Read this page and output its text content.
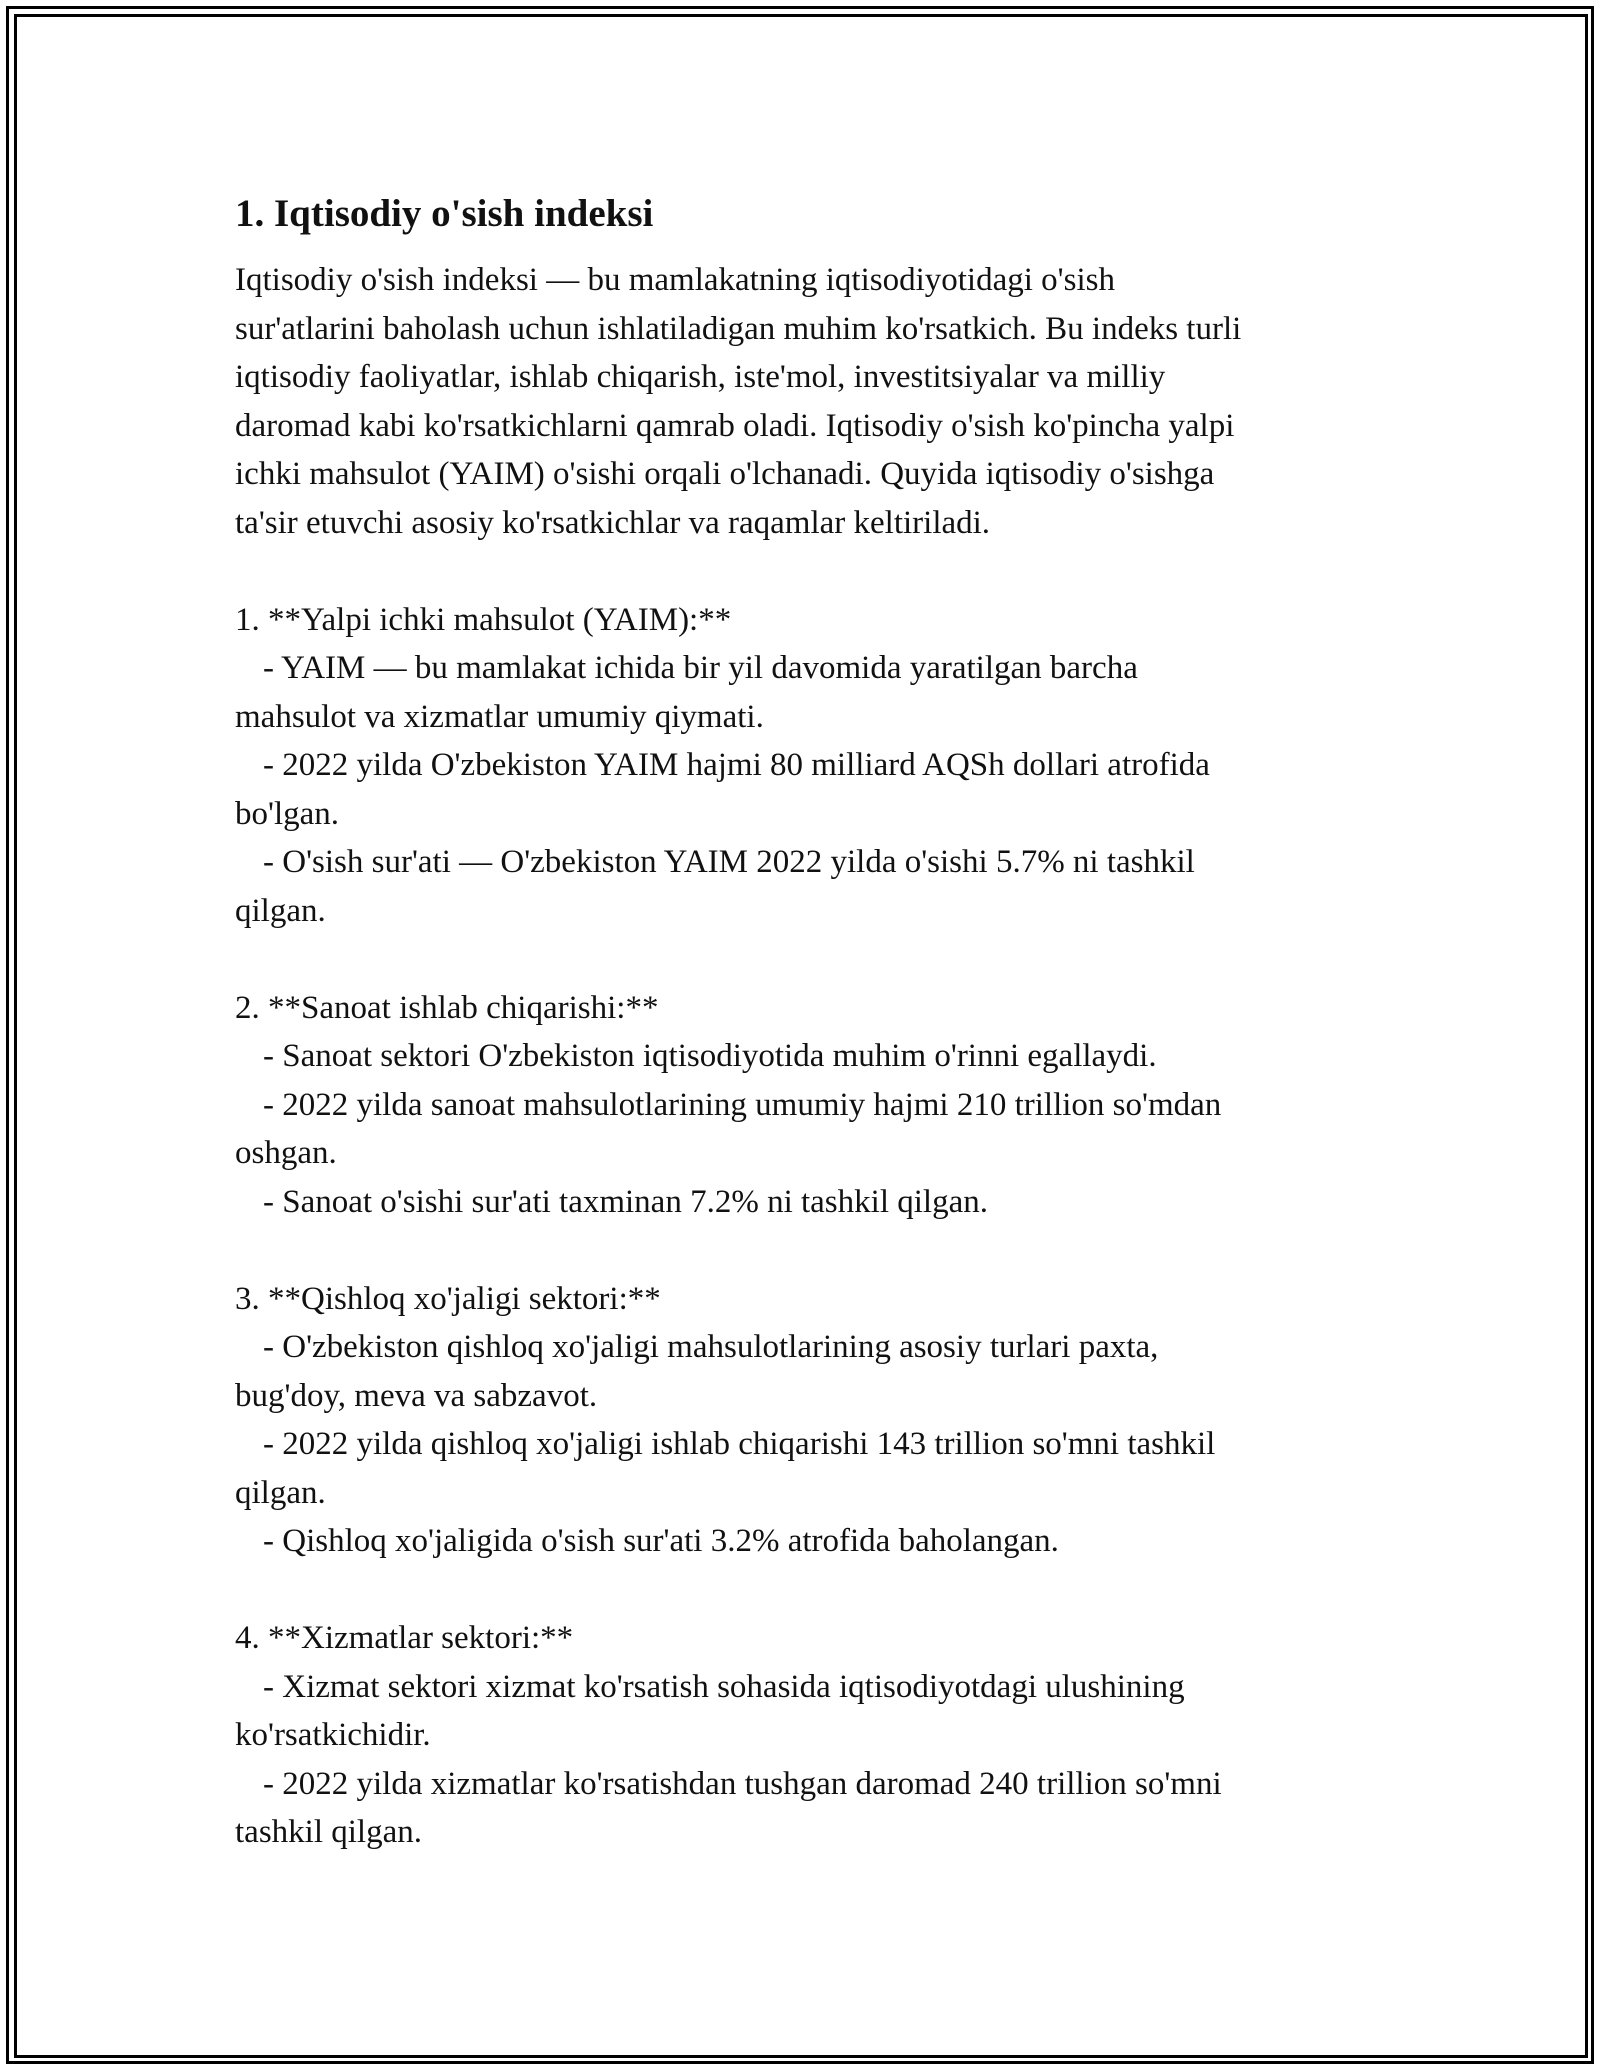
1. Iqtisodiy o'sish indeksi
Iqtisodiy o'sish indeksi — bu mamlakatning iqtisodiyotidagi o'sish
sur'atlarini baholash uchun ishlatiladigan muhim ko'rsatkich. Bu indeks turli
iqtisodiy faoliyatlar, ishlab chiqarish, iste'mol, investitsiyalar va milliy
daromad kabi ko'rsatkichlarni qamrab oladi. Iqtisodiy o'sish ko'pincha yalpi
ichki mahsulot (YAIM) o'sishi orqali o'lchanadi. Quyida iqtisodiy o'sishga
ta'sir etuvchi asosiy ko'rsatkichlar va raqamlar keltiriladi.
1. **Yalpi ichki mahsulot (YAIM):**
- YAIM — bu mamlakat ichida bir yil davomida yaratilgan barcha
mahsulot va xizmatlar umumiy qiymati.
- 2022 yilda O'zbekiston YAIM hajmi 80 milliard AQSh dollari atrofida
bo'lgan.
- O'sish sur'ati — O'zbekiston YAIM 2022 yilda o'sishi 5.7% ni tashkil
qilgan.
2. **Sanoat ishlab chiqarishi:**
- Sanoat sektori O'zbekiston iqtisodiyotida muhim o'rinni egallaydi.
- 2022 yilda sanoat mahsulotlarining umumiy hajmi 210 trillion so'mdan
oshgan.
- Sanoat o'sishi sur'ati taxminan 7.2% ni tashkil qilgan.
3. **Qishloq xo'jaligi sektori:**
- O'zbekiston qishloq xo'jaligi mahsulotlarining asosiy turlari paxta,
bug'doy, meva va sabzavot.
- 2022 yilda qishloq xo'jaligi ishlab chiqarishi 143 trillion so'mni tashkil
qilgan.
- Qishloq xo'jaligida o'sish sur'ati 3.2% atrofida baholangan.
4. **Xizmatlar sektori:**
- Xizmat sektori xizmat ko'rsatish sohasida iqtisodiyotdagi ulushining
ko'rsatkichidir.
- 2022 yilda xizmatlar ko'rsatishdan tushgan daromad 240 trillion so'mni
tashkil qilgan.
